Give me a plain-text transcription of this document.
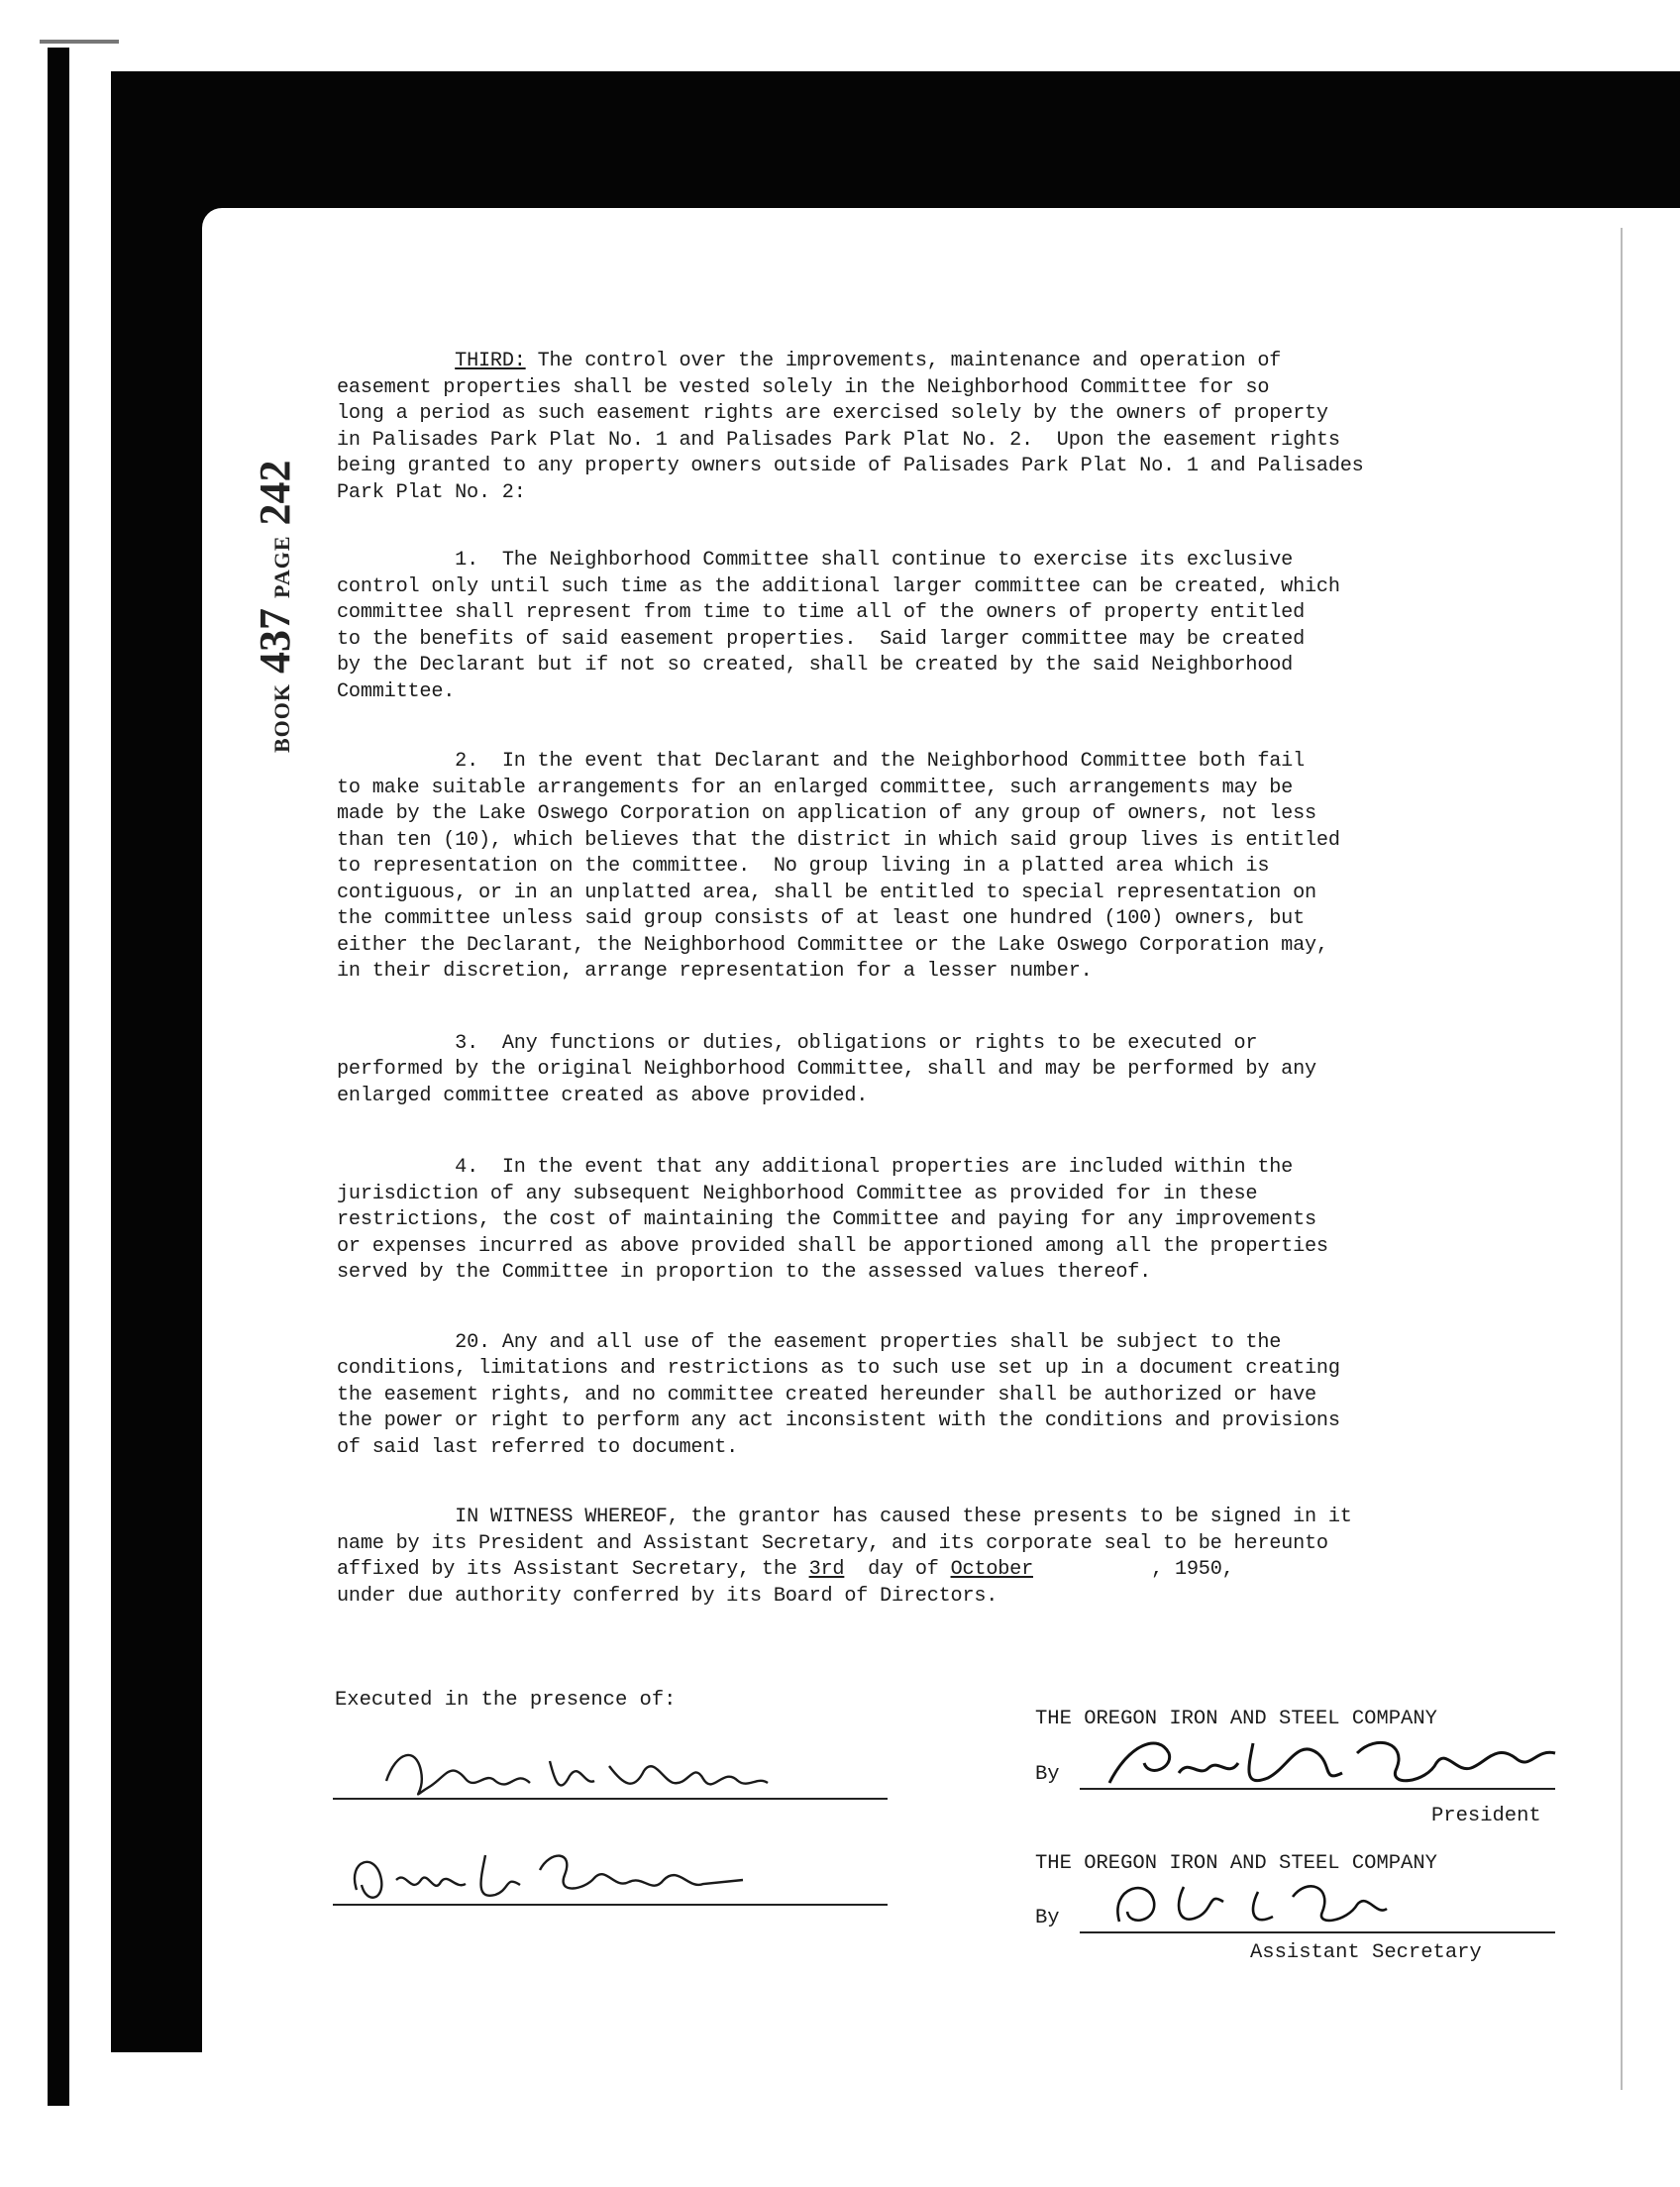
BOOK
437
PAGE
242

THIRD: The control over the improvements, maintenance and operation of
easement properties shall be vested solely in the Neighborhood Committee for so
long a period as such easement rights are exercised solely by the owners of property
in Palisades Park Plat No. 1 and Palisades Park Plat No. 2.  Upon the easement rights
being granted to any property owners outside of Palisades Park Plat No. 1 and Palisades
Park Plat No. 2:

1.  The Neighborhood Committee shall continue to exercise its exclusive
control only until such time as the additional larger committee can be created, which
committee shall represent from time to time all of the owners of property entitled
to the benefits of said easement properties.  Said larger committee may be created
by the Declarant but if not so created, shall be created by the said Neighborhood
Committee.

2.  In the event that Declarant and the Neighborhood Committee both fail
to make suitable arrangements for an enlarged committee, such arrangements may be
made by the Lake Oswego Corporation on application of any group of owners, not less
than ten (10), which believes that the district in which said group lives is entitled
to representation on the committee.  No group living in a platted area which is
contiguous, or in an unplatted area, shall be entitled to special representation on
the committee unless said group consists of at least one hundred (100) owners, but
either the Declarant, the Neighborhood Committee or the Lake Oswego Corporation may,
in their discretion, arrange representation for a lesser number.

3.  Any functions or duties, obligations or rights to be executed or
performed by the original Neighborhood Committee, shall and may be performed by any
enlarged committee created as above provided.

4.  In the event that any additional properties are included within the
jurisdiction of any subsequent Neighborhood Committee as provided for in these
restrictions, the cost of maintaining the Committee and paying for any improvements
or expenses incurred as above provided shall be apportioned among all the properties
served by the Committee in proportion to the assessed values thereof.

20. Any and all use of the easement properties shall be subject to the
conditions, limitations and restrictions as to such use set up in a document creating
the easement rights, and no committee created hereunder shall be authorized or have
the power or right to perform any act inconsistent with the conditions and provisions
of said last referred to document.

IN WITNESS WHEREOF, the grantor has caused these presents to be signed in it
name by its President and Assistant Secretary, and its corporate seal to be hereunto
affixed by its Assistant Secretary, the 3rd  day of October	, 1950,
under due authority conferred by its Board of Directors.

Executed in the presence of:
THE OREGON IRON AND STEEL COMPANY
By
President
THE OREGON IRON AND STEEL COMPANY
By
Assistant Secretary
